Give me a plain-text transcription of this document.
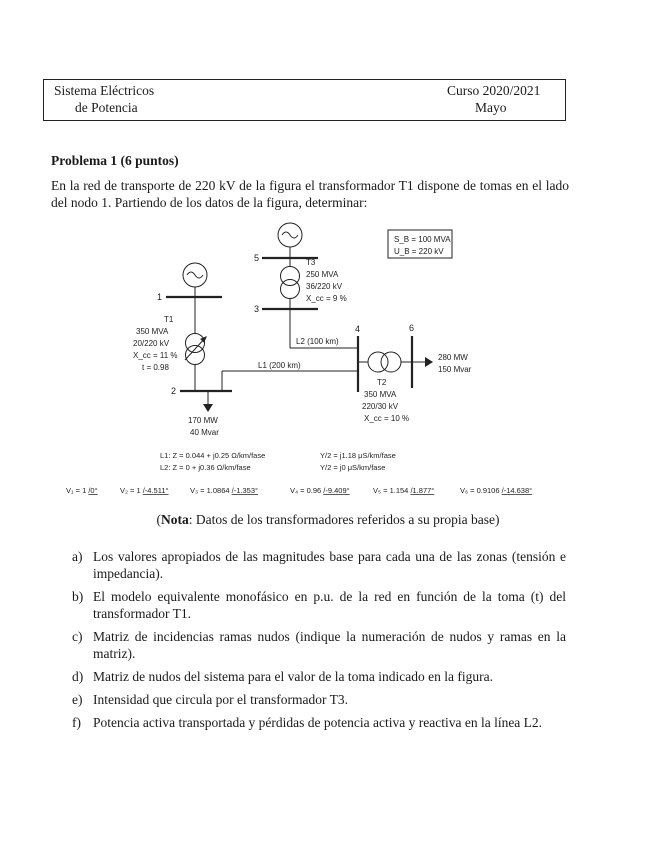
Sistema Eléctricos
de Potencia
Curso 2020/2021
Mayo
Problema 1 (6 puntos)
En la red de transporte de 220 kV de la figura el transformador T1 dispone de tomas en el lado del nodo 1. Partiendo de los datos de la figura, determinar:
1
2
3
4
5
6
S_B = 100 MVA
U_B = 220 kV
T1
350 MVA
20/220 kV
X_cc = 11 %
t = 0.98
T3
250 MVA
36/220 kV
X_cc = 9 %
L2 (100 km)
L1 (200 km)
T2
350 MVA
220/30 kV
X_cc = 10 %
170 MW
40 Mvar
280 MW
150 Mvar
L1: Z = 0.044 + j0.25 Ω/km/fase
L2: Z = 0 + j0.36 Ω/km/fase
Y/2 = j1.18 μS/km/fase
Y/2 = j0 μS/km/fase
V₁ = 1 /0°	V₂ = 1 /-4.511°	V₃ = 1.0864 /-1.353°	V₄ = 0.96 /-9.409°	V₅ = 1.154 /1.877°	V₆ = 0.9106 /-14.638°
(Nota: Datos de los transformadores referidos a su propia base)
a) Los valores apropiados de las magnitudes base para cada una de las zonas (tensión e impedancia).
b) El modelo equivalente monofásico en p.u. de la red en función de la toma (t) del transformador T1.
c) Matriz de incidencias ramas nudos (indique la numeración de nudos y ramas en la matriz).
d) Matriz de nudos del sistema para el valor de la toma indicado en la figura.
e) Intensidad que circula por el transformador T3.
f) Potencia activa transportada y pérdidas de potencia activa y reactiva en la línea L2.
